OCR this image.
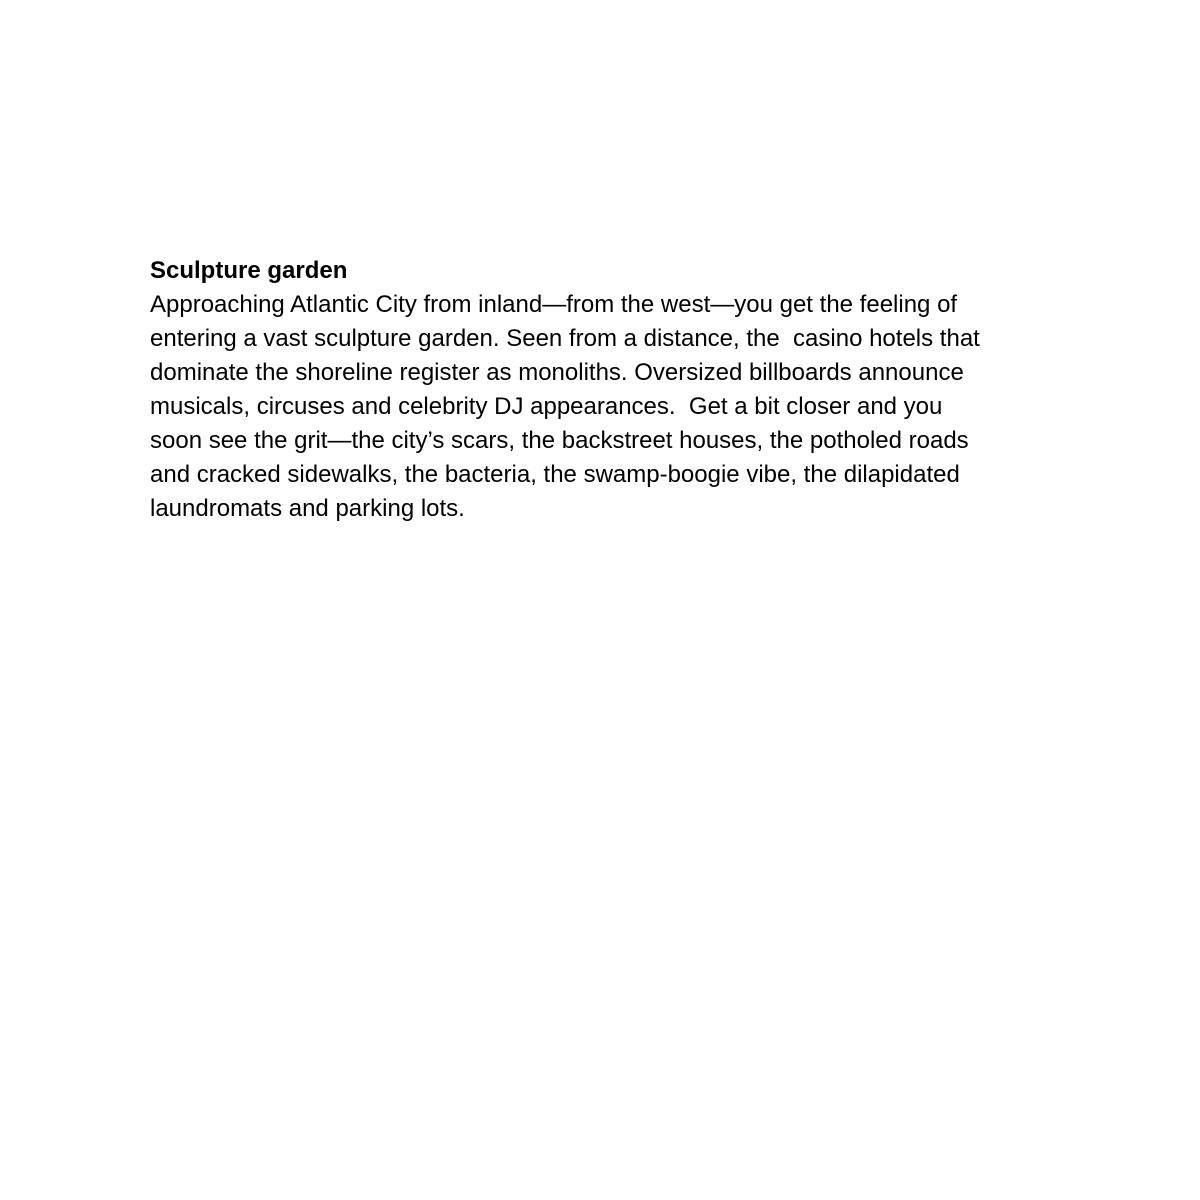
Sculpture garden
Approaching Atlantic City from inland—from the west—you get the feeling of
entering a vast sculpture garden. Seen from a distance, the  casino hotels that
dominate the shoreline register as monoliths. Oversized billboards announce
musicals, circuses and celebrity DJ appearances.  Get a bit closer and you
soon see the grit—the city’s scars, the backstreet houses, the potholed roads
and cracked sidewalks, the bacteria, the swamp-boogie vibe, the dilapidated
laundromats and parking lots.
